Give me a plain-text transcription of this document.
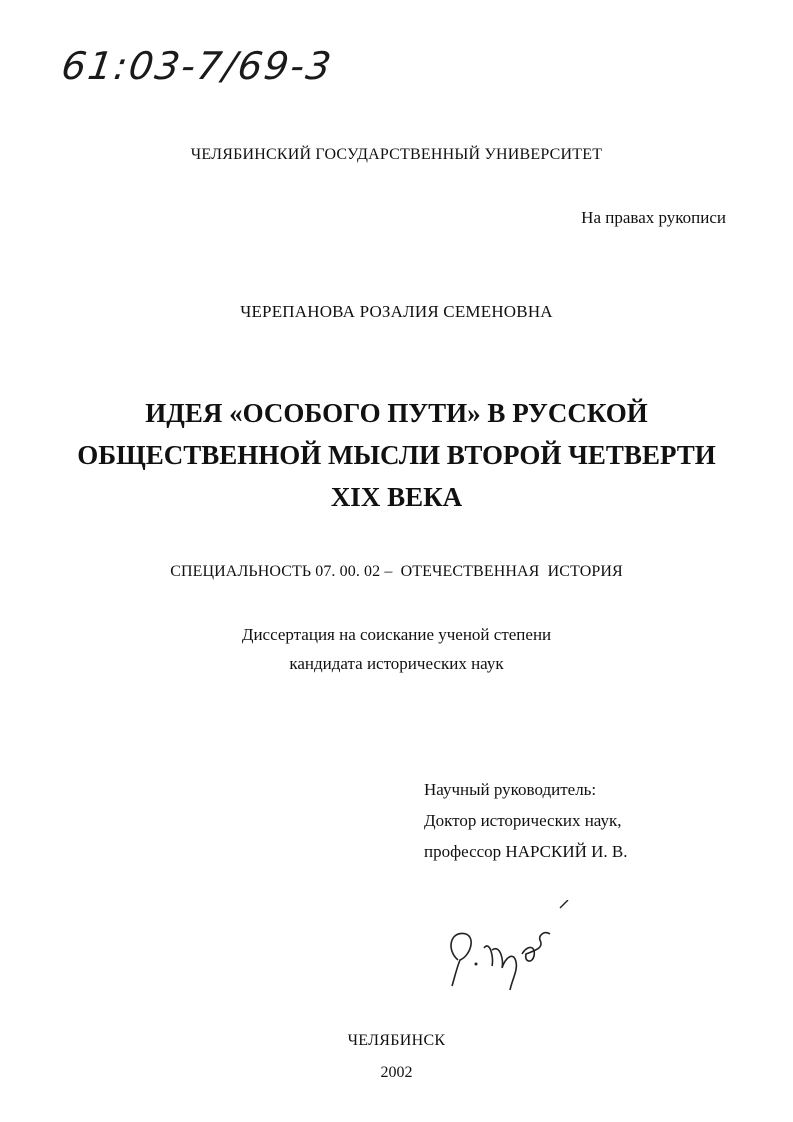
61:03-7/69-3
ЧЕЛЯБИНСКИЙ ГОСУДАРСТВЕННЫЙ УНИВЕРСИТЕТ
На правах рукописи
ЧЕРЕПАНОВА РОЗАЛИЯ СЕМЕНОВНА
ИДЕЯ «ОСОБОГО ПУТИ» В РУССКОЙ
ОБЩЕСТВЕННОЙ МЫСЛИ ВТОРОЙ ЧЕТВЕРТИ
XIX ВЕКА
СПЕЦИАЛЬНОСТЬ 07. 00. 02 –  ОТЕЧЕСТВЕННАЯ  ИСТОРИЯ
Диссертация на соискание ученой степени
кандидата исторических наук
Научный руководитель:
Доктор исторических наук,
профессор НАРСКИЙ И. В.
ЧЕЛЯБИНСК
2002
